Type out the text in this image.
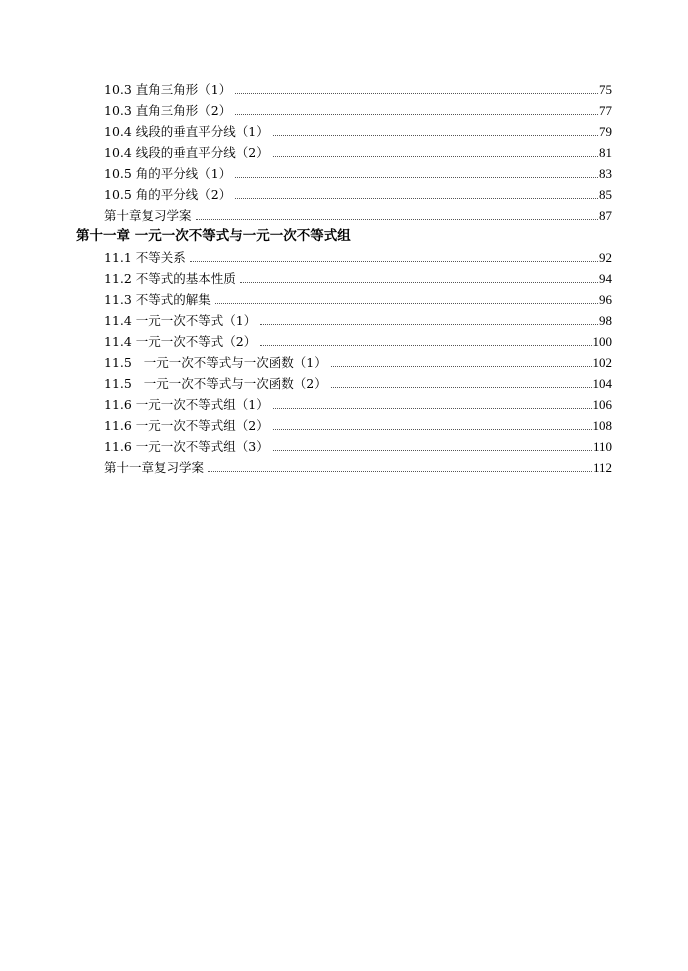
10.3 直角三角形（1）	75
10.3 直角三角形（2）	77
10.4 线段的垂直平分线（1）	79
10.4 线段的垂直平分线（2）	81
10.5 角的平分线（1）	83
10.5 角的平分线（2）	85
第十章复习学案	87
第十一章 一元一次不等式与一元一次不等式组
11.1 不等关系	92
11.2 不等式的基本性质	94
11.3 不等式的解集	96
11.4 一元一次不等式（1）	98
11.4 一元一次不等式（2）	100
11.5   一元一次不等式与一次函数（1）	102
11.5   一元一次不等式与一次函数（2）	104
11.6 一元一次不等式组（1）	106
11.6 一元一次不等式组（2）	108
11.6 一元一次不等式组（3）	110
第十一章复习学案	112
